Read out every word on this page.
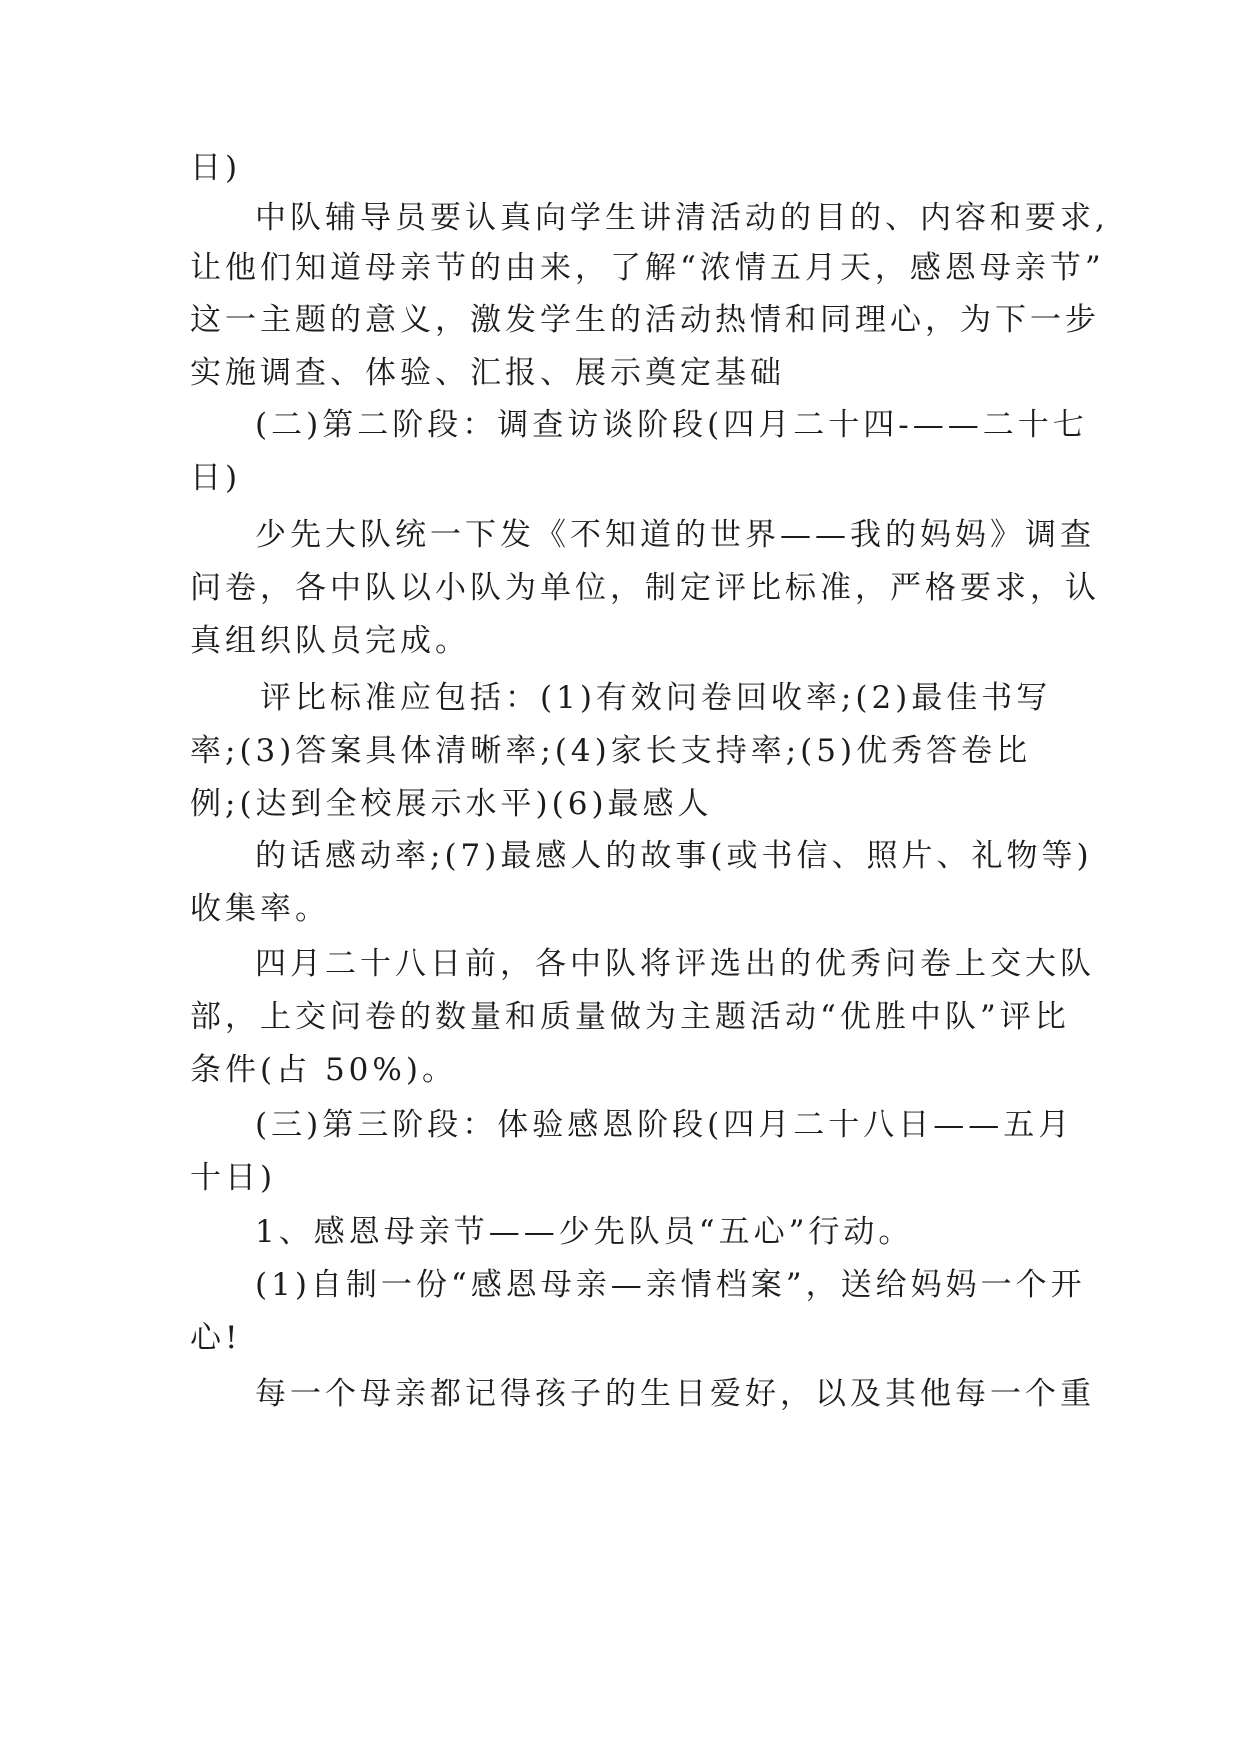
日)
中队辅导员要认真向学生讲清活动的目的、内容和要求,
让他们知道母亲节的由来，了解“浓情五月天，感恩母亲节”
这一主题的意义，激发学生的活动热情和同理心，为下一步
实施调查、体验、汇报、展示奠定基础
(二)第二阶段：调查访谈阶段(四月二十四-——二十七
日)
少先大队统一下发《不知道的世界——我的妈妈》调查
问卷，各中队以小队为单位，制定评比标准，严格要求，认
真组织队员完成。
评比标准应包括：(1)有效问卷回收率;(2)最佳书写
率;(3)答案具体清晰率;(4)家长支持率;(5)优秀答卷比
例;(达到全校展示水平)(6)最感人
的话感动率;(7)最感人的故事(或书信、照片、礼物等)
收集率。
四月二十八日前，各中队将评选出的优秀问卷上交大队
部，上交问卷的数量和质量做为主题活动“优胜中队”评比
条件(占 50%)。
(三)第三阶段：体验感恩阶段(四月二十八日——五月
十日)
1、感恩母亲节——少先队员“五心”行动。
(1)自制一份“感恩母亲—亲情档案”，送给妈妈一个开
心!
每一个母亲都记得孩子的生日爱好，以及其他每一个重
